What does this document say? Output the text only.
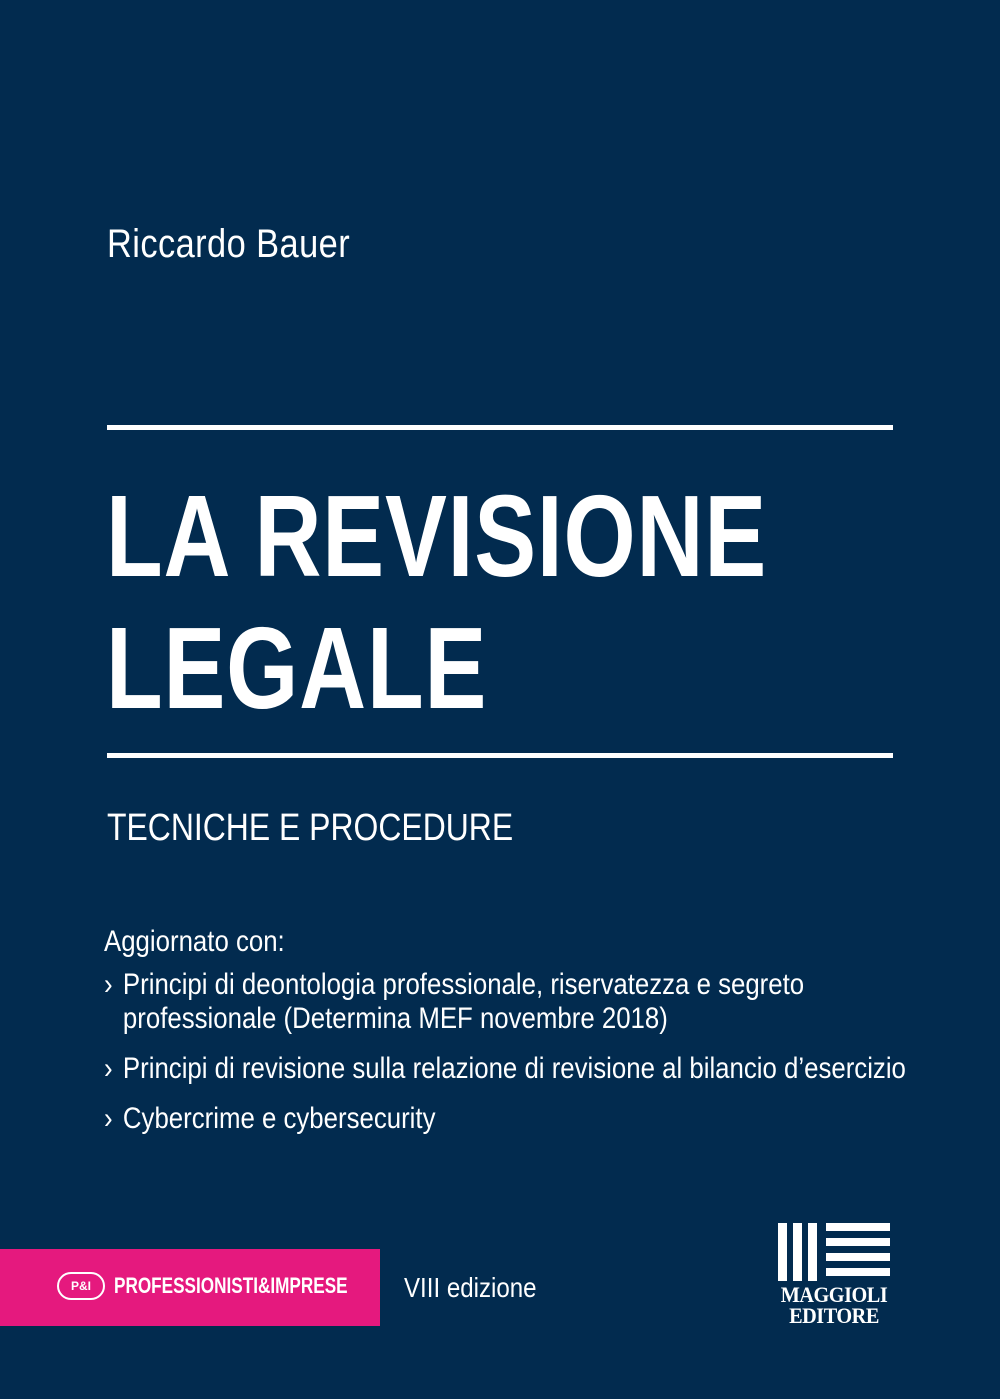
Riccardo Bauer
LA REVISIONE
LEGALE
TECNICHE E PROCEDURE
Aggiornato con:
› Principi di deontologia professionale, riservatezza e segreto
professionale (Determina MEF novembre 2018)
› Principi di revisione sulla relazione di revisione al bilancio d’esercizio
› Cybercrime e cybersecurity
P&I	PROFESSIONISTI&IMPRESE VIII edizione	MAGGIOLI
EDITORE
